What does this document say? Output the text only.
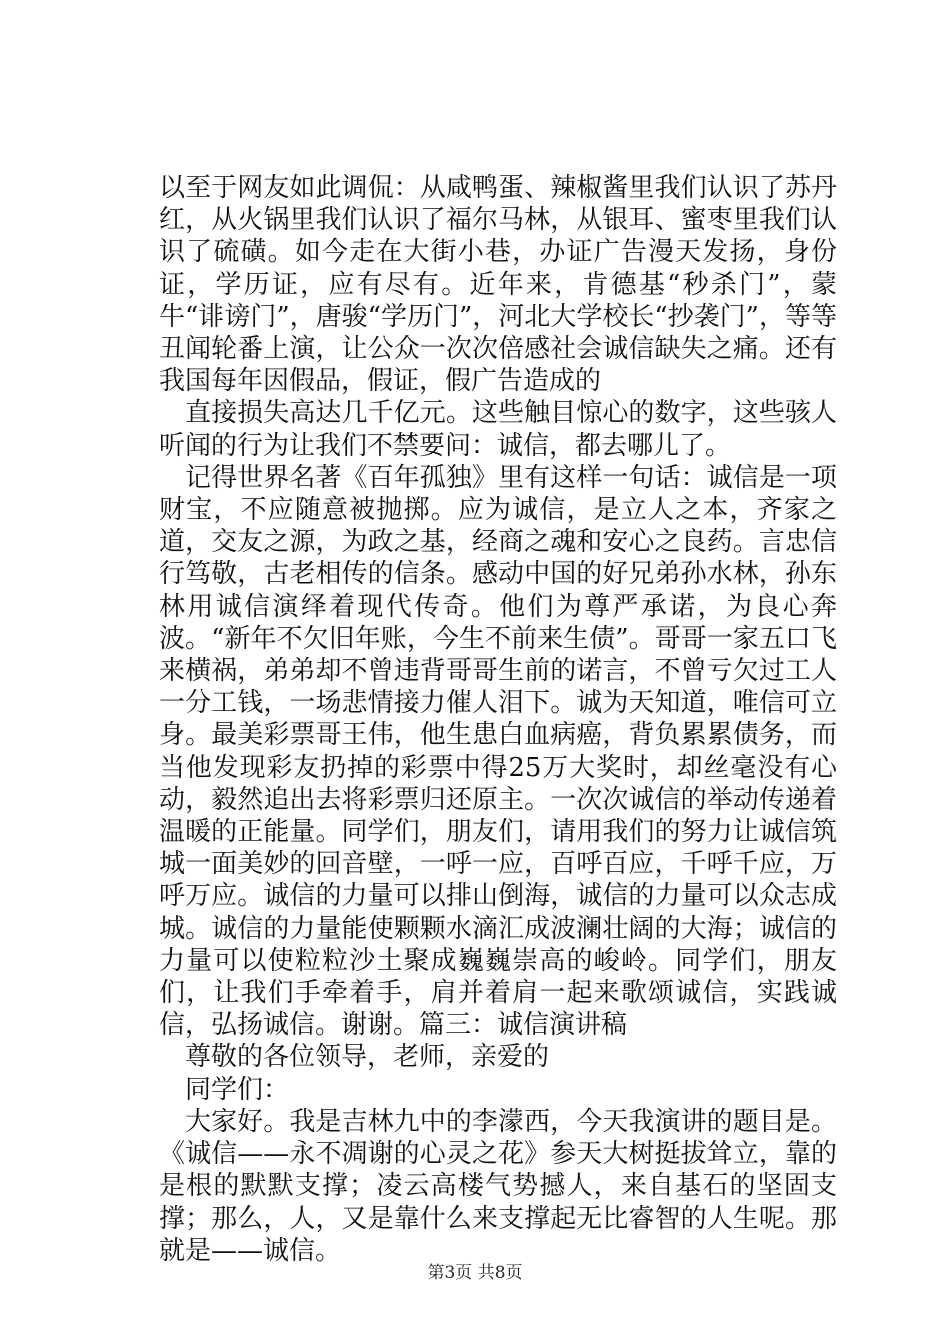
以至于网友如此调侃：从咸鸭蛋、辣椒酱里我们认识了苏丹红，从火锅里我们认识了福尔马林，从银耳、蜜枣里我们认识了硫磺。如今走在大街小巷，办证广告漫天发扬，身份证，学历证，应有尽有。近年来，肯德基“秒杀门”，蒙牛“诽谤门”，唐骏“学历门”，河北大学校长“抄袭门”，等等丑闻轮番上演，让公众一次次倍感社会诚信缺失之痛。还有我国每年因假品，假证，假广告造成的

直接损失高达几千亿元。这些触目惊心的数字，这些骇人听闻的行为让我们不禁要问：诚信，都去哪儿了。

记得世界名著《百年孤独》里有这样一句话：诚信是一项财宝，不应随意被抛掷。应为诚信，是立人之本，齐家之道，交友之源，为政之基，经商之魂和安心之良药。言忠信行笃敬，古老相传的信条。感动中国的好兄弟孙水林，孙东林用诚信演绎着现代传奇。他们为尊严承诺，为良心奔波。“新年不欠旧年账，今生不前来生债”。哥哥一家五口飞来横祸，弟弟却不曾违背哥哥生前的诺言，不曾亏欠过工人一分工钱，一场悲情接力催人泪下。诚为天知道，唯信可立身。最美彩票哥王伟，他生患白血病癌，背负累累债务，而当他发现彩友扔掉的彩票中得25万大奖时，却丝毫没有心动，毅然追出去将彩票归还原主。一次次诚信的举动传递着温暖的正能量。同学们，朋友们，请用我们的努力让诚信筑城一面美妙的回音壁，一呼一应，百呼百应，千呼千应，万呼万应。诚信的力量可以排山倒海，诚信的力量可以众志成城。诚信的力量能使颗颗水滴汇成波澜壮阔的大海；诚信的力量可以使粒粒沙土聚成巍巍崇高的峻岭。同学们，朋友们，让我们手牵着手，肩并着肩一起来歌颂诚信，实践诚信，弘扬诚信。谢谢。篇三：诚信演讲稿

尊敬的各位领导，老师，亲爱的

同学们：

大家好。我是吉林九中的李濛西，今天我演讲的题目是。《诚信——永不凋谢的心灵之花》参天大树挺拔耸立，靠的是根的默默支撑；凌云高楼气势撼人，来自基石的坚固支撑；那么，人，又是靠什么来支撑起无比睿智的人生呢。那就是——诚信。

第3页 共8页
